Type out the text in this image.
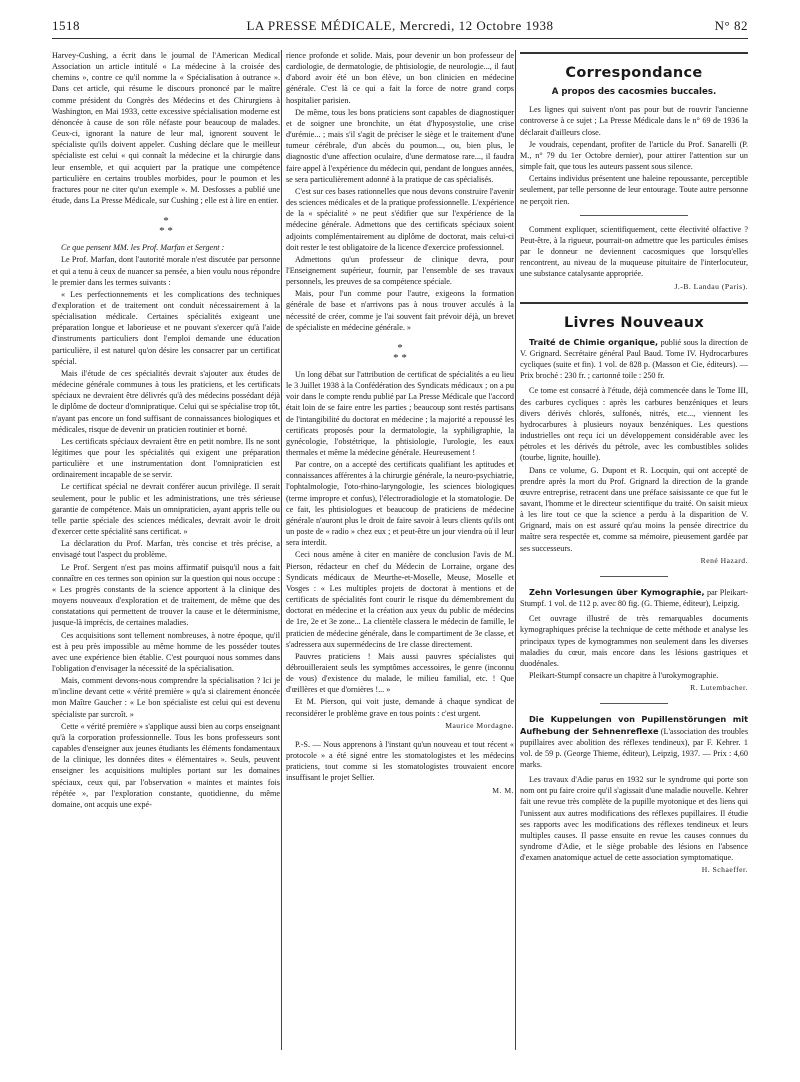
1518	LA PRESSE MÉDICALE, Mercredi, 12 Octobre 1938	N° 82

Harvey-Cushing, a écrit dans le journal de l'American Medical Association un article intitulé « La médecine à la croisée des chemins », contre ce qu'il nomme la « Spécialisation à outrance ». Dans cet article, qui résume le discours prononcé par le maître comme président du Congrès des Médecins et des Chirurgiens à Washington, en Mai 1933, cette excessive spécialisation moderne est dénoncée à cause de son rôle néfaste pour beaucoup de malades. Ceux-ci, ignorant la nature de leur mal, ignorent souvent le spécialiste qu'ils doivent appeler. Cushing déclare que le meilleur spécialiste est celui « qui connaît la médecine et la chirurgie dans leur ensemble, et qui acquiert par la pratique une compétence particulière en certains troubles morbides, pour le poumon et les fractures pour ne citer qu'un exemple ». M. Desfosses a publié une étude, dans La Presse Médicale, sur Cushing ; elle est à lire en entier.

*
* *

Ce que pensent MM. les Prof. Marfan et Sergent :

Le Prof. Marfan, dont l'autorité morale n'est discutée par personne et qui a tenu à ceux de nuancer sa pensée, a bien voulu nous répondre le premier dans les termes suivants :

« Les perfectionnements et les complications des techniques d'exploration et de traitement ont conduit nécessairement à la spécialisation médicale. Certaines spécialités exigeant une préparation longue et laborieuse et ne pouvant s'exercer qu'à l'aide d'instruments particuliers dont l'emploi demande une éducation particulière, il est naturel qu'on désire les consacrer par un certificat spécial.

Mais il'étude de ces spécialités devrait s'ajouter aux études de médecine générale communes à tous les praticiens, et les certificats spéciaux ne devraient être délivrés qu'à des médecins possédant déjà le diplôme de docteur d'omnipratique. Celui qui se spécialise trop tôt, n'ayant pas encore un fond suffisant de connaissances biologiques et médicales, risque de devenir un praticien routinier et borné.

Les certificats spéciaux devraient être en petit nombre. Ils ne sont légitimes que pour les spécialités qui exigent une préparation particulière et une instrumentation dont l'omnipraticien est ordinairement incapable de se servir.

Le certificat spécial ne devrait conférer aucun privilège. Il serait seulement, pour le public et les administrations, une très sérieuse garantie de compétence. Mais un omnipraticien, ayant appris telle ou telle partie spéciale des sciences médicales, devrait avoir le droit d'exercer cette spécialité sans certificat. »

La déclaration du Prof. Marfan, très concise et très précise, a envisagé tout l'aspect du problème.

Le Prof. Sergent n'est pas moins affirmatif puisqu'il nous a fait connaître en ces termes son opinion sur la question qui nous occupe : « Les progrès constants de la science apportent à la clinique des moyens nouveaux d'exploration et de traitement, de même que des constatations qui permettent de trouver la cause et le déterminisme, jusque-là imprécis, de certaines maladies.

Ces acquisitions sont tellement nombreuses, à notre époque, qu'il est à peu près impossible au même homme de les posséder toutes avec une expérience bien établie. C'est pourquoi nous sommes dans l'obligation d'envisager la nécessité de la spécialisation.

Mais, comment devons-nous comprendre la spécialisation ? Ici je m'incline devant cette « vérité première » qu'a si clairement énoncée mon Maître Gaucher : « Le bon spécialiste est celui qui est devenu spécialiste par surcroît. »

Cette « vérité première » s'applique aussi bien au corps enseignant qu'à la corporation professionnelle. Tous les bons professeurs sont capables d'enseigner aux jeunes étudiants les éléments fondamentaux de la clinique, les données dites « élémentaires ». Seuls, peuvent enseigner les acquisitions multiples portant sur les domaines spéciaux, ceux qui, par l'observation « maintes et maintes fois répétée », par l'exploration constante, quotidienne, du même domaine, ont acquis une expé-

rience profonde et solide. Mais, pour devenir un bon professeur de cardiologie, de dermatologie, de phtisiologie, de neurologie..., il faut d'abord avoir été un bon élève, un bon clinicien en médecine générale. C'est là ce qui a fait la force de notre grand corps hospitalier parisien.

De même, tous les bons praticiens sont capables de diagnostiquer et de soigner une bronchite, un état d'hyposystolie, une crise d'urémie... ; mais s'il s'agit de préciser le siège et le traitement d'une tumeur cérébrale, d'un abcès du poumon..., ou, bien plus, le diagnostic d'une affection oculaire, d'une dermatose rare..., il faudra faire appel à l'expérience du médecin qui, pendant de longues années, se sera particulièrement adonné à la pratique de cas spécialisés.

C'est sur ces bases rationnelles que nous devons construire l'avenir des sciences médicales et de la pratique professionnelle. L'expérience de la « spécialité » ne peut s'édifier que sur l'expérience de la médecine générale. Admettons que des certificats spéciaux soient adjoints complémentairement au diplôme de doctorat, mais celui-ci doit rester le test obligatoire de la licence d'exercice professionnel.

Admettons qu'un professeur de clinique devra, pour l'Enseignement supérieur, fournir, par l'ensemble de ses travaux personnels, les preuves de sa compétence spéciale.

Mais, pour l'un comme pour l'autre, exigeons la formation générale de base et n'arrivons pas à nous trouver acculés à la nécessité de créer, comme je l'ai souvent fait prévoir déjà, un brevet de spécialiste en médecine générale. »

*
* *

Un long débat sur l'attribution de certificat de spécialités a eu lieu le 3 Juillet 1938 à la Confédération des Syndicats médicaux ; on a pu voir dans le compte rendu publié par La Presse Médicale que l'accord était loin de se faire entre les parties ; beaucoup sont restés partisans de l'intangibilité du doctorat en médecine ; la majorité a repoussé les certificats proposés pour la dermatologie, la syphiligraphie, la gynécologie, l'obstétrique, la phtisiologie, l'urologie, les eaux thermales et même la médecine générale. Heureusement !

Par contre, on a accepté des certificats qualifiant les aptitudes et connaissances afférentes à la chirurgie générale, la neuro-psychiatrie, l'ophtalmologie, l'oto-rhino-laryngologie, les sciences biologiques (terme impropre et confus), l'électroradiologie et la stomatologie. De ce fait, les phtisiologues et beaucoup de praticiens de médecine générale n'auront plus le droit de faire savoir à leurs clients qu'ils ont un poste de « radio » chez eux ; et peut-être un jour viendra où il leur sera interdit.

Ceci nous amène à citer en manière de conclusion l'avis de M. Pierson, rédacteur en chef du Médecin de Lorraine, organe des Syndicats médicaux de Meurthe-et-Moselle, Meuse, Moselle et Vosges : « Les multiples projets de doctorat à mentions et de certificats de spécialités font courir le risque du démembrement du doctorat en médecine et la création aux yeux du public de médecins de 1re, 2e et 3e zone... La clientèle classera le médecin de famille, le praticien de médecine générale, dans le compartiment de 3e classe, et s'adressera aux supermédecins de 1re classe directement.

Pauvres praticiens ! Mais aussi pauvres spécialistes qui débrouilleraient seuls les symptômes accessoires, le genre (inconnu de vous) d'existence du malade, le milieu familial, etc. ! Que d'œillères et que d'ornières !... »

Et M. Pierson, qui voit juste, demande à chaque syndicat de reconsidérer le problème grave en tous points : c'est urgent.

Maurice Mordagne.

P.-S. — Nous apprenons à l'instant qu'un nouveau et tout récent « protocole » a été signé entre les stomatologistes et les médecins praticiens, tout comme si les stomatologistes trouvaient encore insuffisant le projet Sellier.

M. M.

Correspondance

A propos des cacosmies buccales.

Les lignes qui suivent n'ont pas pour but de rouvrir l'ancienne controverse à ce sujet ; La Presse Médicale dans le n° 69 de 1936 la déclarait d'ailleurs close.

Je voudrais, cependant, profiter de l'article du Prof. Sanarelli (P. M., n° 79 du 1er Octobre dernier), pour attirer l'attention sur un simple fait, que tous les auteurs passent sous silence.

Certains individus présentent une haleine repoussante, perceptible seulement, par telle personne de leur entourage. Toute autre personne ne perçoit rien.

Comment expliquer, scientifiquement, cette électivité olfactive ? Peut-être, à la rigueur, pourrait-on admettre que les particules émises par le donneur ne deviennent cacosmiques que lorsqu'elles rencontrent, au niveau de la muqueuse pituitaire de l'interlocuteur, une substance catalysante appropriée.

J.-B. Landau (Paris).

Livres Nouveaux

Traité de Chimie organique, publié sous la direction de V. Grignard. Secrétaire général Paul Baud. Tome IV. Hydrocarbures cycliques (suite et fin). 1 vol. de 828 p. (Masson et Cie, éditeurs). — Prix broché : 230 fr. ; cartonné toile : 250 fr.

Ce tome est consacré à l'étude, déjà commencée dans le Tome III, des carbures cycliques : après les carbures benzéniques et leurs divers dérivés chlorés, sulfonés, nitrés, etc..., viennent les hydrocarbures à plusieurs noyaux benzéniques. Les questions industrielles ont reçu ici un développement considérable avec les pétroles et les dérivés du pétrole, avec les combustibles solides (tourbe, lignite, houille).

Dans ce volume, G. Dupont et R. Locquin, qui ont accepté de prendre après la mort du Prof. Grignard la direction de la grande œuvre entreprise, retracent dans une préface saisissante ce que fut le savant, l'homme et le directeur scientifique du traité. On saisit mieux à les lire tout ce que la science a perdu à la disparition de V. Grignard, mais on est assuré qu'au moins la pensée directrice du maître sera respectée et, comme sa mémoire, pieusement gardée par ses successeurs.

René Hazard.

Zehn Vorlesungen über Kymographie, par Pleikart-Stumpf. 1 vol. de 112 p. avec 80 fig. (G. Thieme, éditeur), Leipzig.

Cet ouvrage illustré de très remarquables documents kymographiques précise la technique de cette méthode et analyse les principaux types de kymogrammes non seulement dans les diverses maladies du cœur, mais encore dans les lésions gastriques et duodénales.

Pleikart-Stumpf consacre un chapitre à l'urokymographie.

R. Lutembacher.

Die Kuppelungen von Pupillenstörungen mit Aufhebung der Sehnenreflexe (L'association des troubles pupillaires avec abolition des réflexes tendineux), par F. Kehrer. 1 vol. de 59 p. (George Thieme, éditeur), Leipzig, 1937. — Prix : 4,60 marks.

Les travaux d'Adie parus en 1932 sur le syndrome qui porte son nom ont pu faire croire qu'il s'agissait d'une maladie nouvelle. Kehrer fait une revue très complète de la pupille myotonique et des liens qui l'unissent aux autres modifications des réflexes pupillaires. Il étudie ses rapports avec les modifications des réflexes tendineux et leurs multiples causes. Il passe ensuite en revue les causes connues du syndrome d'Adie, et le siège probable des lésions en l'absence d'examen anatomique actuel de cette association symptomatique.

H. Schaeffer.
